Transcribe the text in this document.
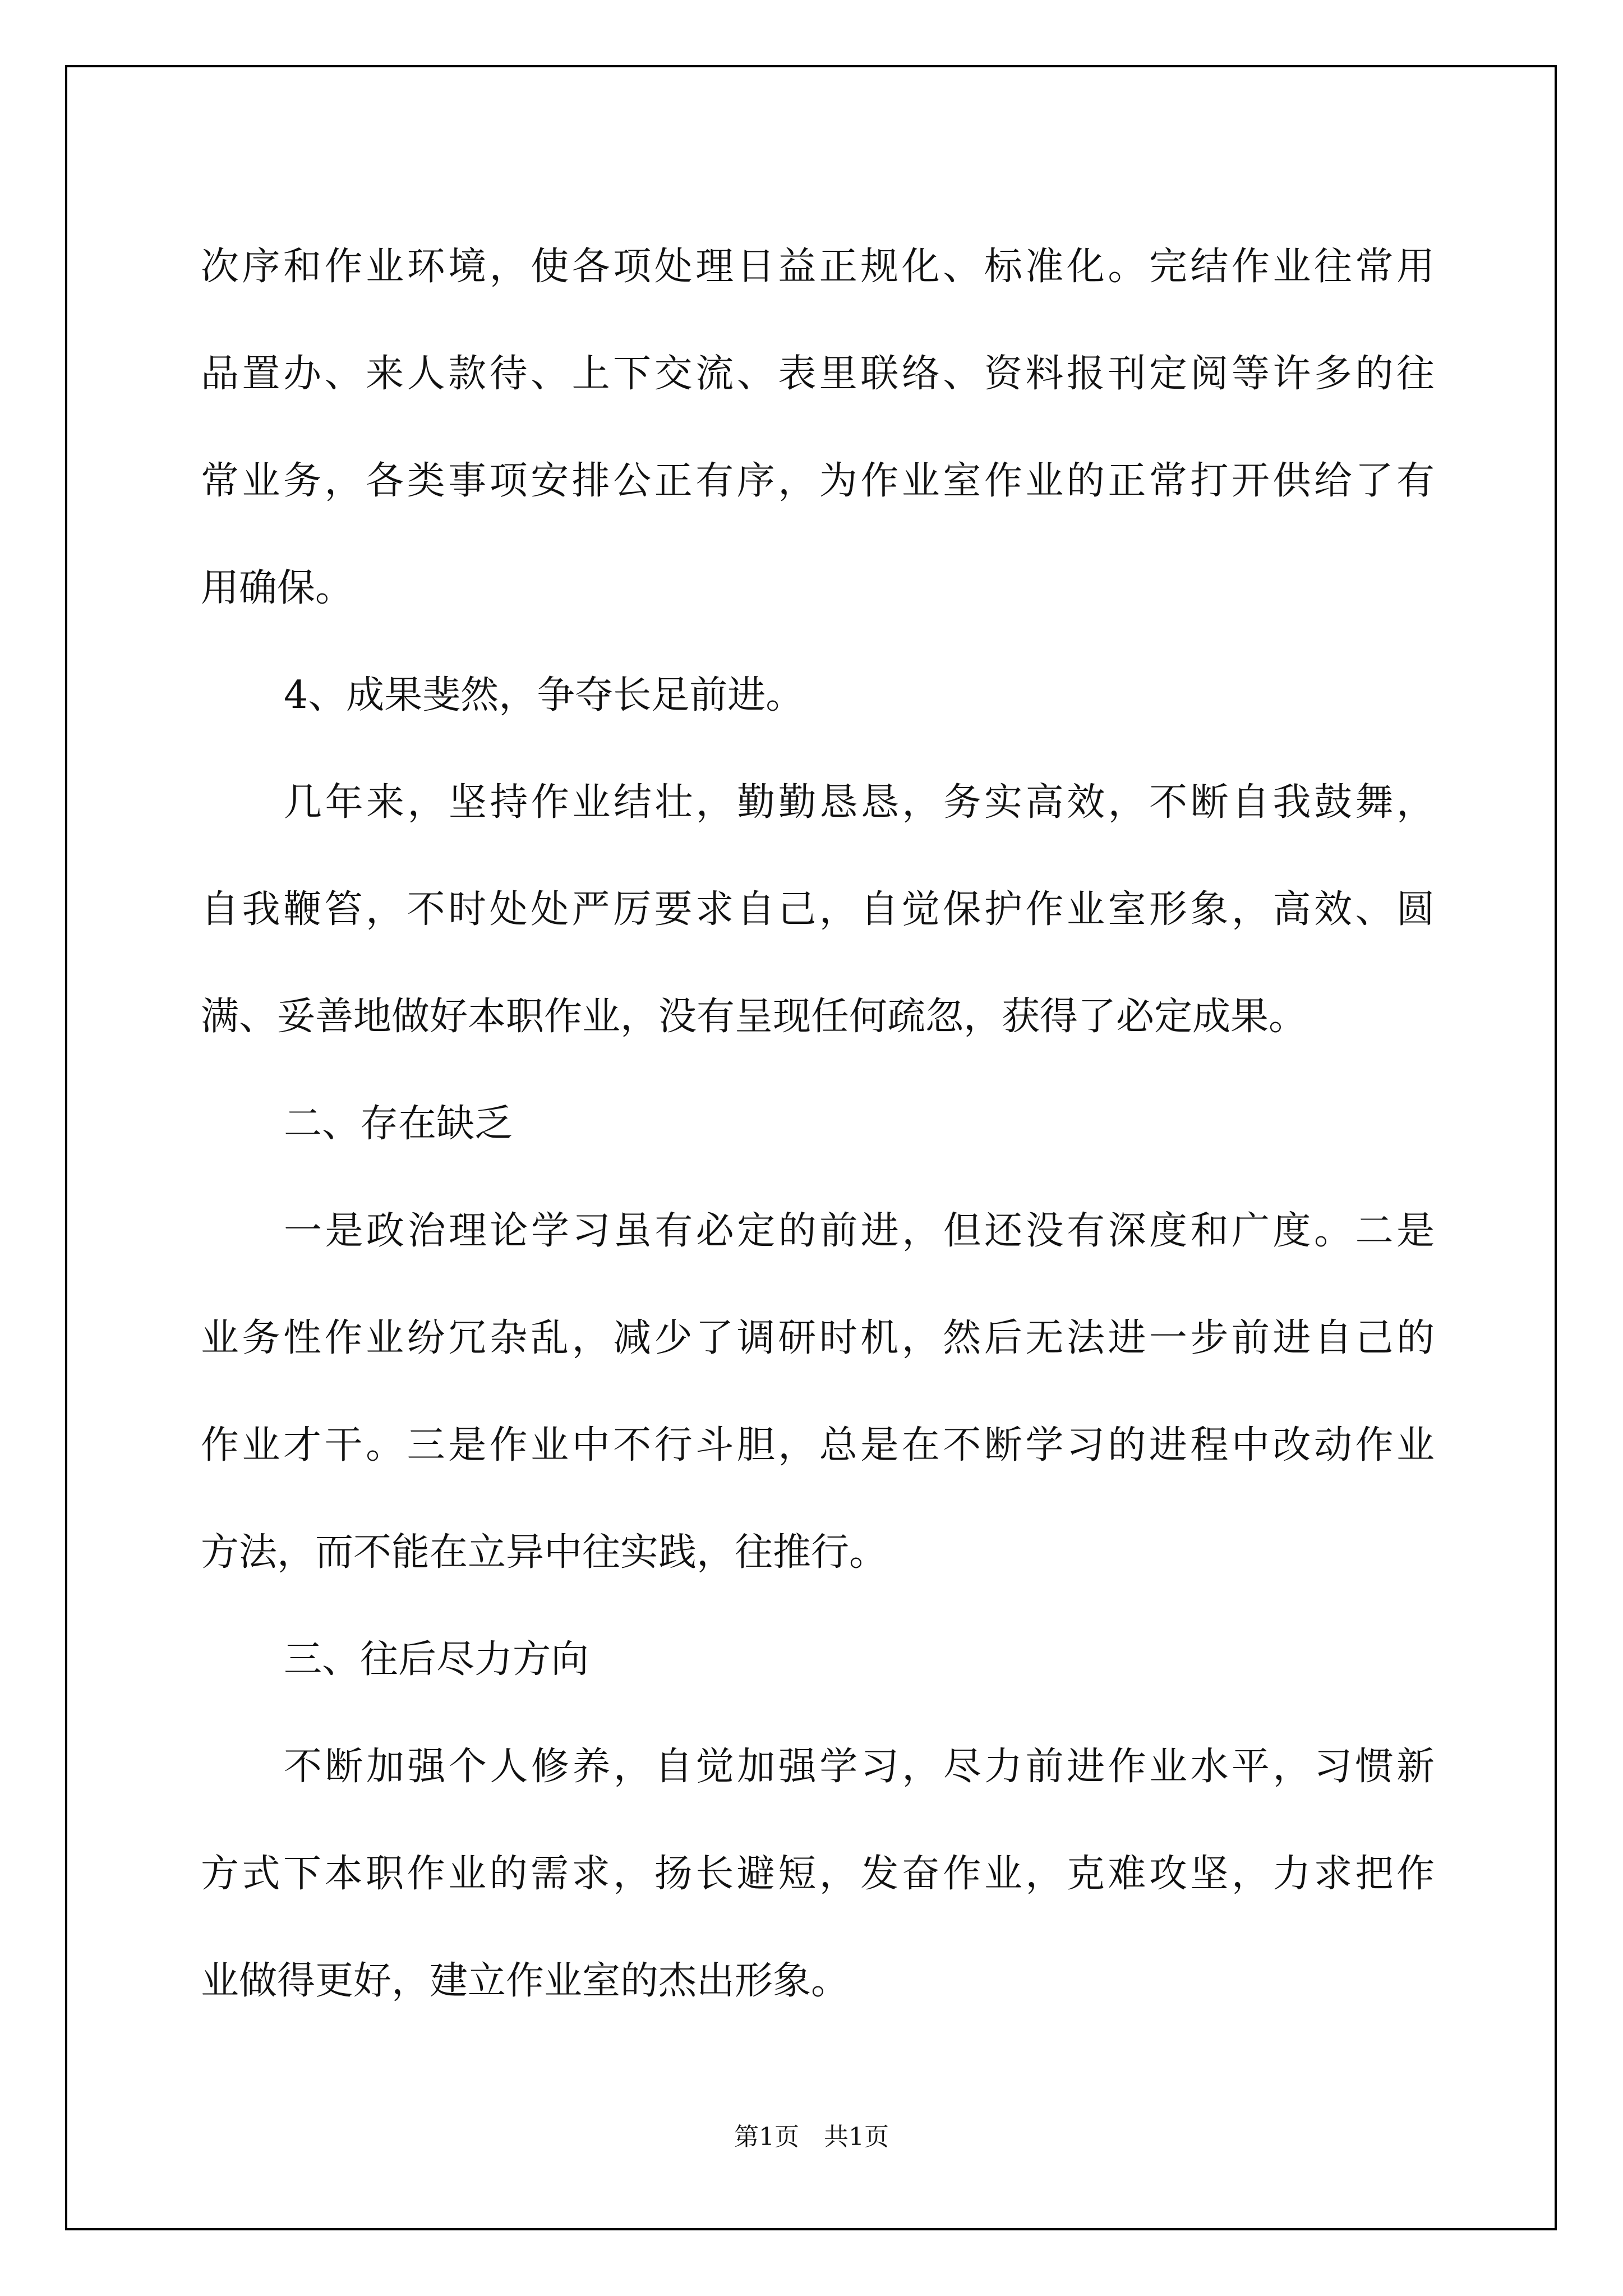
次序和作业环境，使各项处理日益正规化、标准化。完结作业往常用
品置办、来人款待、上下交流、表里联络、资料报刊定阅等许多的往
常业务，各类事项安排公正有序，为作业室作业的正常打开供给了有
用确保。
4、成果斐然，争夺长足前进。
几年来，坚持作业结壮，勤勤恳恳，务实高效，不断自我鼓舞，
自我鞭笞，不时处处严厉要求自己，自觉保护作业室形象，高效、圆
满、妥善地做好本职作业，没有呈现任何疏忽，获得了必定成果。
二、存在缺乏
一是政治理论学习虽有必定的前进，但还没有深度和广度。二是
业务性作业纷冗杂乱，减少了调研时机，然后无法进一步前进自己的
作业才干。三是作业中不行斗胆，总是在不断学习的进程中改动作业
方法，而不能在立异中往实践，往推行。
三、往后尽力方向
不断加强个人修养，自觉加强学习，尽力前进作业水平，习惯新
方式下本职作业的需求，扬长避短，发奋作业，克难攻坚，力求把作
业做得更好，建立作业室的杰出形象。
第1页 共1页
